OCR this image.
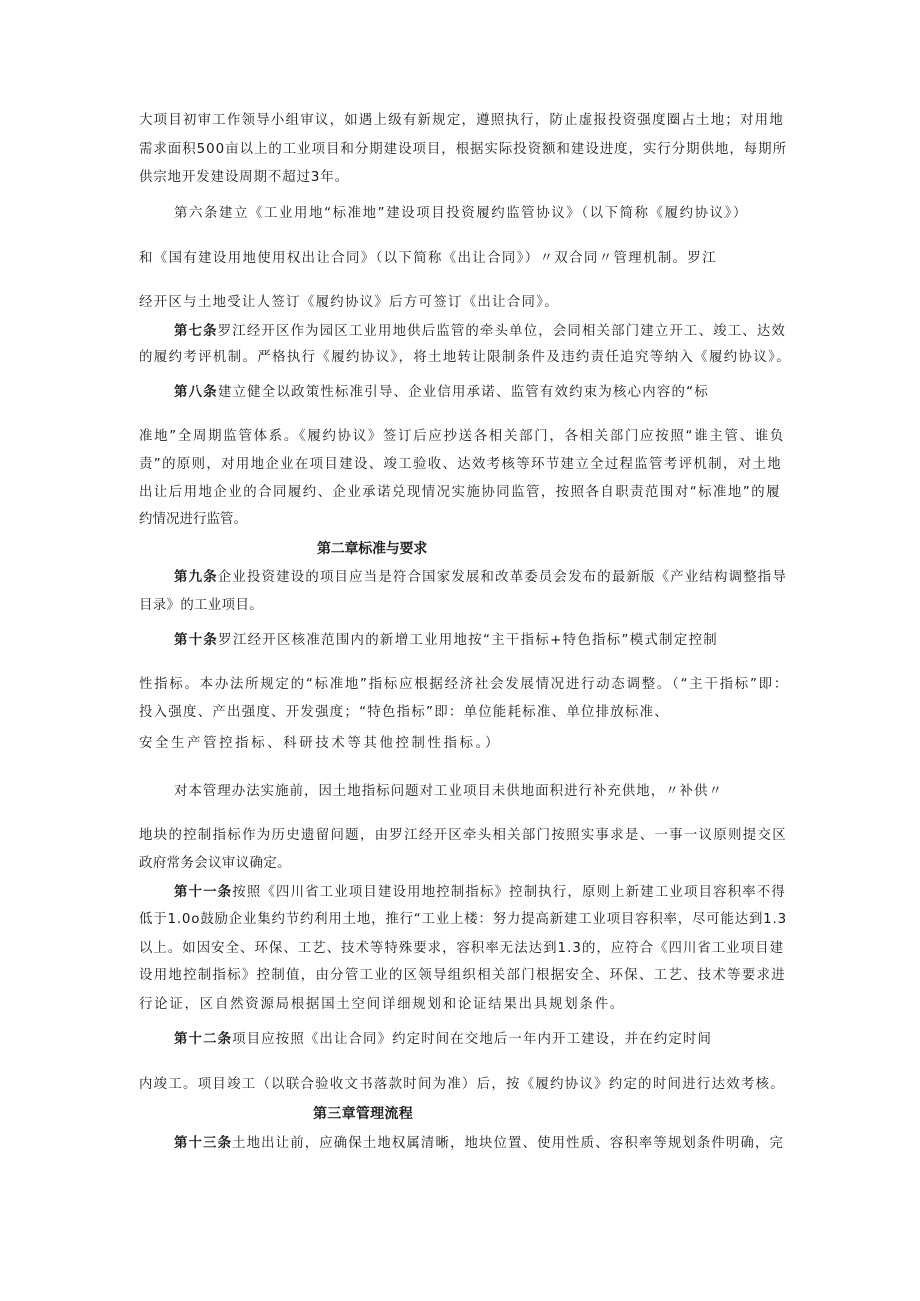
大项目初审工作领导小组审议，如遇上级有新规定，遵照执行，防止虚报投资强度圈占土地；对用地
需求面积500亩以上的工业项目和分期建设项目，根据实际投资额和建设进度，实行分期供地，每期所
供宗地开发建设周期不超过3年。
第六条建立《工业用地“标准地”建设项目投资履约监管协议》（以下简称《履约协议》）
和《国有建设用地使用权出让合同》（以下简称《出让合同》）〃双合同〃管理机制。罗江
经开区与土地受让人签订《履约协议》后方可签订《出让合同》。
第七条罗江经开区作为园区工业用地供后监管的牵头单位，会同相关部门建立开工、竣工、达效
的履约考评机制。严格执行《履约协议》，将土地转让限制条件及违约责任追究等纳入《履约协议》。
第八条建立健全以政策性标准引导、企业信用承诺、监管有效约束为核心内容的“标
准地”全周期监管体系。《履约协议》签订后应抄送各相关部门，各相关部门应按照“谁主管、谁负
责”的原则，对用地企业在项目建设、竣工验收、达效考核等环节建立全过程监管考评机制，对土地
出让后用地企业的合同履约、企业承诺兑现情况实施协同监管，按照各自职责范围对“标准地”的履
约情况进行监管。
第二章标准与要求
第九条企业投资建设的项目应当是符合国家发展和改革委员会发布的最新版《产业结构调整指导
目录》的工业项目。
第十条罗江经开区核准范围内的新增工业用地按“主干指标+特色指标”模式制定控制
性指标。本办法所规定的“标准地”指标应根据经济社会发展情况进行动态调整。（“主干指标”即：
投入强度、产出强度、开发强度；“特色指标”即：单位能耗标准、单位排放标准、
安全生产管控指标、科研技术等其他控制性指标。）
对本管理办法实施前，因土地指标问题对工业项目未供地面积进行补充供地，〃补供〃
地块的控制指标作为历史遗留问题，由罗江经开区牵头相关部门按照实事求是、一事一议原则提交区
政府常务会议审议确定。
第十一条按照《四川省工业项目建设用地控制指标》控制执行，原则上新建工业项目容积率不得
低于1.0o鼓励企业集约节约利用土地，推行“工业上楼：努力提高新建工业项目容积率，尽可能达到1.3
以上。如因安全、环保、工艺、技术等特殊要求，容积率无法达到1.3的，应符合《四川省工业项目建
设用地控制指标》控制值，由分管工业的区领导组织相关部门根据安全、环保、工艺、技术等要求进
行论证，区自然资源局根据国土空间详细规划和论证结果出具规划条件。
第十二条项目应按照《出让合同》约定时间在交地后一年内开工建设，并在约定时间
内竣工。项目竣工（以联合验收文书落款时间为准）后，按《履约协议》约定的时间进行达效考核。
第三章管理流程
第十三条土地出让前，应确保土地权属清晰，地块位置、使用性质、容积率等规划条件明确，完
